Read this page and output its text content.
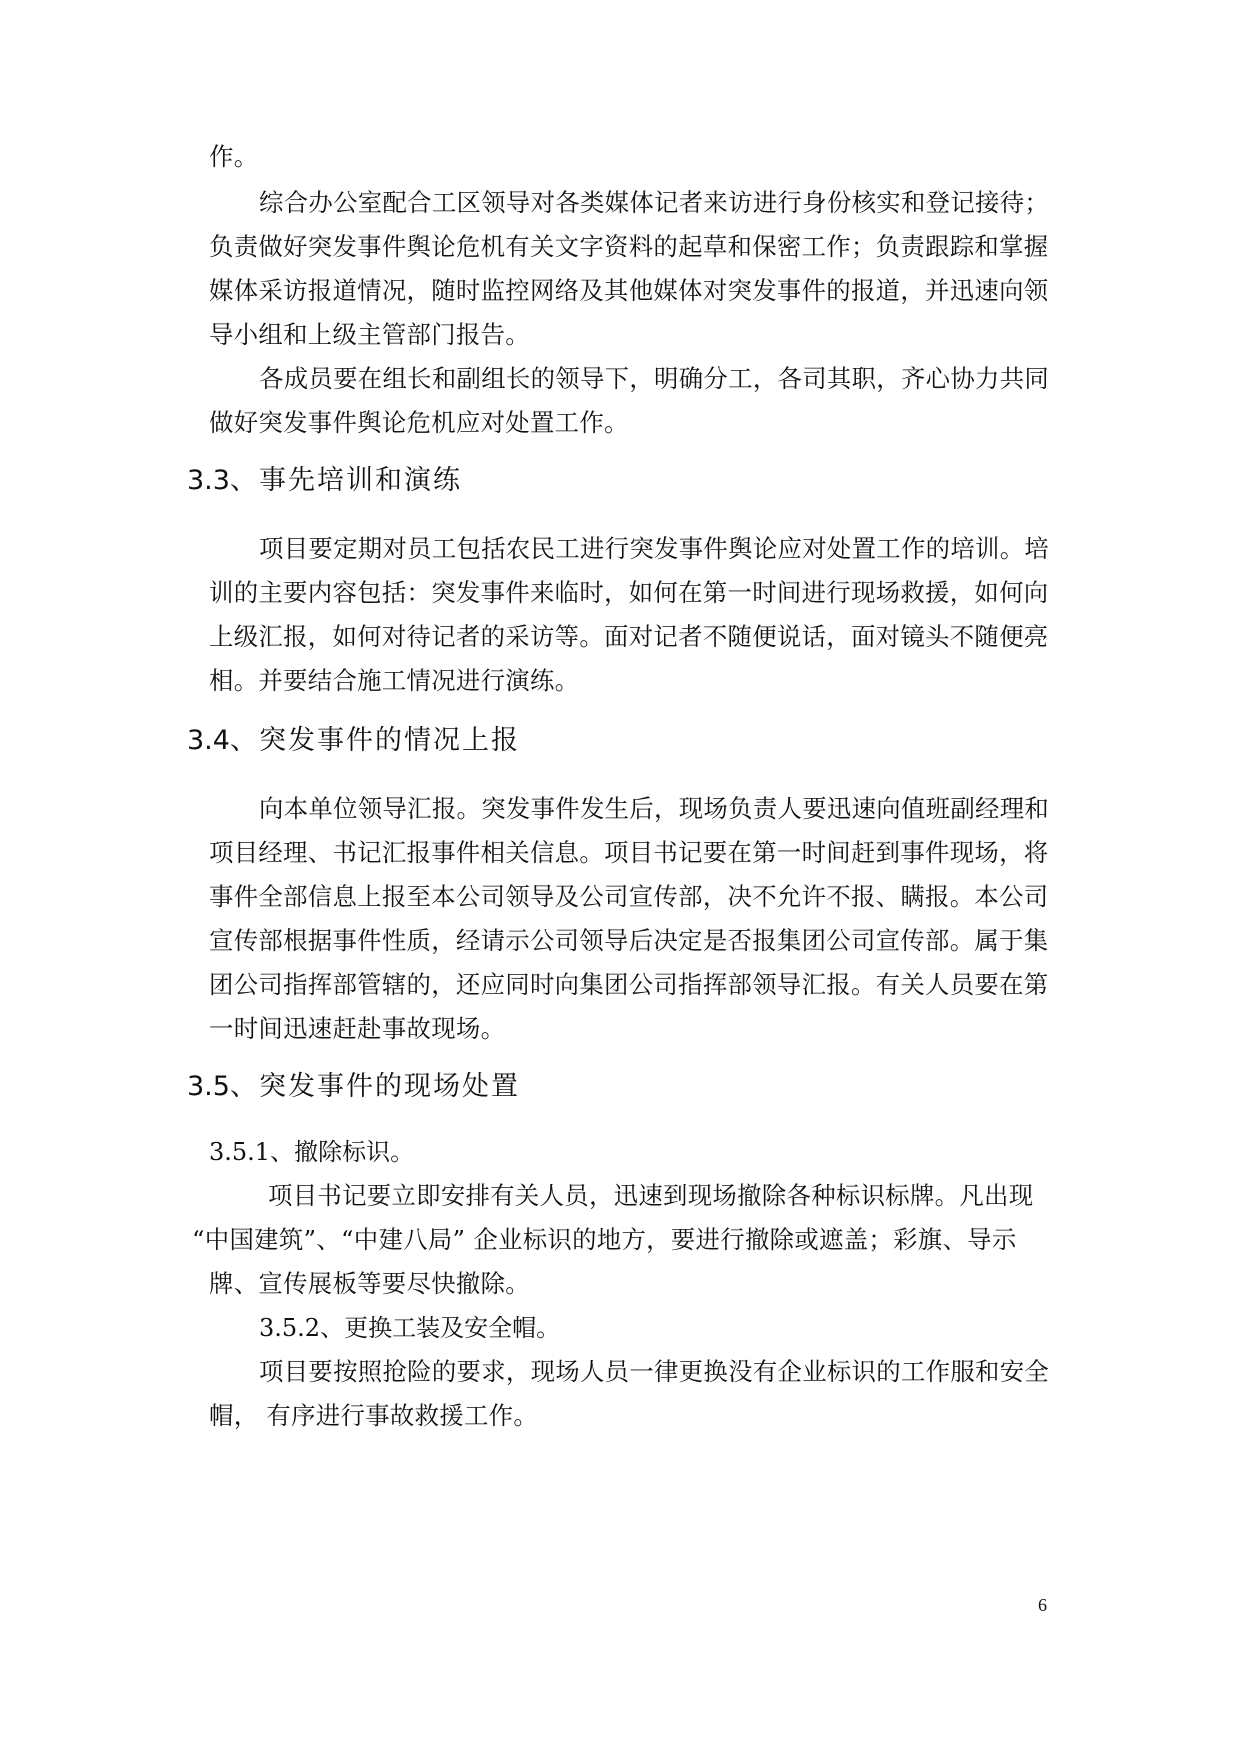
作。
综合办公室配合工区领导对各类媒体记者来访进行身份核实和登记接待；
负责做好突发事件舆论危机有关文字资料的起草和保密工作；负责跟踪和掌握
媒体采访报道情况，随时监控网络及其他媒体对突发事件的报道，并迅速向领
导小组和上级主管部门报告。
各成员要在组长和副组长的领导下，明确分工，各司其职，齐心协力共同
做好突发事件舆论危机应对处置工作。
3.3、事先培训和演练
项目要定期对员工包括农民工进行突发事件舆论应对处置工作的培训。培
训的主要内容包括：突发事件来临时，如何在第一时间进行现场救援，如何向
上级汇报，如何对待记者的采访等。面对记者不随便说话，面对镜头不随便亮
相。并要结合施工情况进行演练。
3.4、突发事件的情况上报
向本单位领导汇报。突发事件发生后，现场负责人要迅速向值班副经理和
项目经理、书记汇报事件相关信息。项目书记要在第一时间赶到事件现场，将
事件全部信息上报至本公司领导及公司宣传部，决不允许不报、瞒报。本公司
宣传部根据事件性质，经请示公司领导后决定是否报集团公司宣传部。属于集
团公司指挥部管辖的，还应同时向集团公司指挥部领导汇报。有关人员要在第
一时间迅速赶赴事故现场。
3.5、突发事件的现场处置
3.5.1、撤除标识。
项目书记要立即安排有关人员，迅速到现场撤除各种标识标牌。凡出现
“中国建筑”、“中建八局” 企业标识的地方，要进行撤除或遮盖；彩旗、导示
牌、宣传展板等要尽快撤除。
3.5.2、更换工装及安全帽。
项目要按照抢险的要求，现场人员一律更换没有企业标识的工作服和安全
帽， 有序进行事故救援工作。
6
